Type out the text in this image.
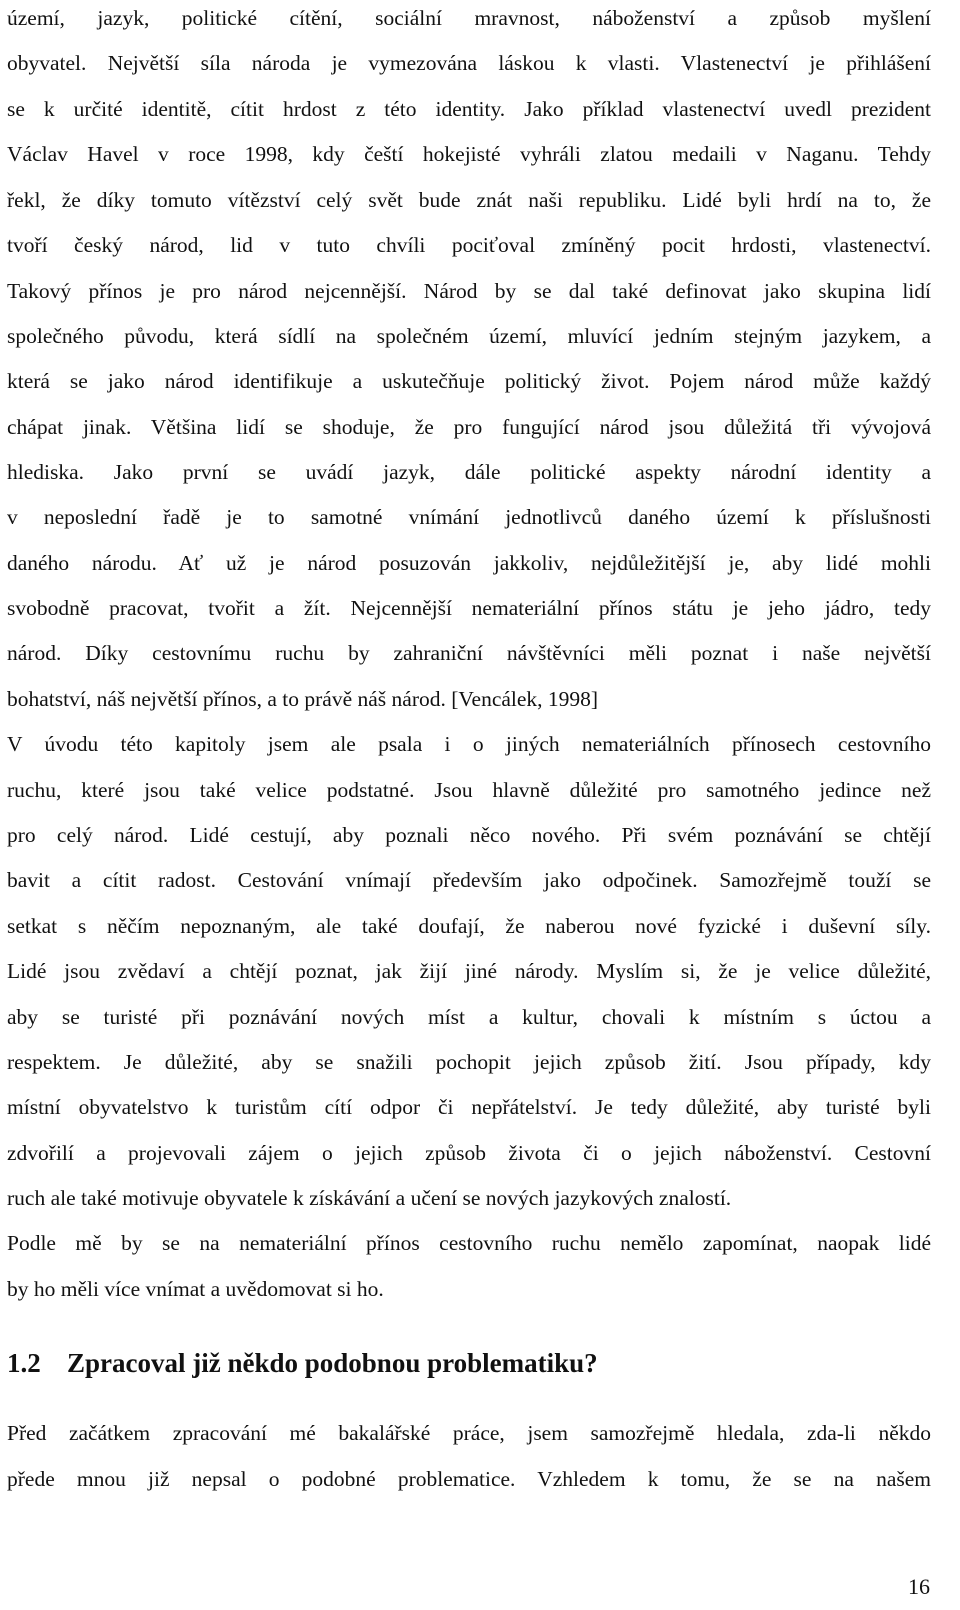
území, jazyk, politické cítění, sociální mravnost, náboženství a způsob myšlení
obyvatel. Největší síla národa je vymezována láskou k vlasti. Vlastenectví je přihlášení
se k určité identitě, cítit hrdost z této identity. Jako příklad vlastenectví uvedl prezident
Václav Havel v roce 1998, kdy čeští hokejisté vyhráli zlatou medaili v Naganu. Tehdy
řekl, že díky tomuto vítězství celý svět bude znát naši republiku. Lidé byli hrdí na to, že
tvoří český národ, lid v tuto chvíli pociťoval zmíněný pocit hrdosti, vlastenectví.
Takový přínos je pro národ nejcennější. Národ by se dal také definovat jako skupina lidí
společného původu, která sídlí na společném území, mluvící jedním stejným jazykem, a
která se jako národ identifikuje a uskutečňuje politický život. Pojem národ může každý
chápat jinak. Většina lidí se shoduje, že pro fungující národ jsou důležitá tři vývojová
hlediska. Jako první se uvádí jazyk, dále politické aspekty národní identity a
v neposlední řadě je to samotné vnímání jednotlivců daného území k příslušnosti
daného národu. Ať už je národ posuzován jakkoliv, nejdůležitější je, aby lidé mohli
svobodně pracovat, tvořit a žít. Nejcennější nemateriální přínos státu je jeho jádro, tedy
národ. Díky cestovnímu ruchu by zahraniční návštěvníci měli poznat i naše největší
bohatství, náš největší přínos, a to právě náš národ. [Vencálek, 1998]
V úvodu této kapitoly jsem ale psala i o jiných nemateriálních přínosech cestovního
ruchu, které jsou také velice podstatné. Jsou hlavně důležité pro samotného jedince než
pro celý národ. Lidé cestují, aby poznali něco nového. Při svém poznávání se chtějí
bavit a cítit radost. Cestování vnímají především jako odpočinek. Samozřejmě touží se
setkat s něčím nepoznaným, ale také doufají, že naberou nové fyzické i duševní síly.
Lidé jsou zvědaví a chtějí poznat, jak žijí jiné národy. Myslím si, že je velice důležité,
aby se turisté při poznávání nových míst a kultur, chovali k místním s úctou a
respektem. Je důležité, aby se snažili pochopit jejich způsob žití. Jsou případy, kdy
místní obyvatelstvo k turistům cítí odpor či nepřátelství. Je tedy důležité, aby turisté byli
zdvořilí a projevovali zájem o jejich způsob života či o jejich náboženství. Cestovní
ruch ale také motivuje obyvatele k získávání a učení se nových jazykových znalostí.
Podle mě by se na nemateriální přínos cestovního ruchu nemělo zapomínat, naopak lidé
by ho měli více vnímat a uvědomovat si ho.
1.2 Zpracoval již někdo podobnou problematiku?
Před začátkem zpracování mé bakalářské práce, jsem samozřejmě hledala, zda-li někdo
přede mnou již nepsal o podobné problematice. Vzhledem k tomu, že se na našem
16
